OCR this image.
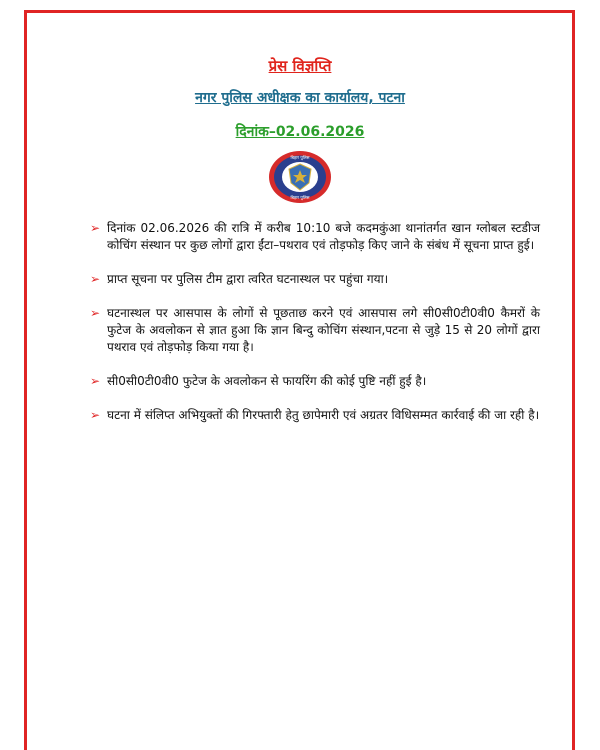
प्रेस विज्ञप्ति
नगर पुलिस अधीक्षक का कार्यालय, पटना
दिनांक–02.06.2026
बिहार पुलिस
बिहार पुलिस
➢ दिनांक 02.06.2026 की रात्रि में करीब 10:10 बजे कदमकुंआ थानांतर्गत खान ग्लोबल स्टडीज कोचिंग संस्थान पर कुछ लोगों द्वारा ईंटा–पथराव एवं तोड़फोड़ किए जाने के संबंध में सूचना प्राप्त हुई।
➢ प्राप्त सूचना पर पुलिस टीम द्वारा त्वरित घटनास्थल पर पहुंचा गया।
➢ घटनास्थल पर आसपास के लोगों से पूछताछ करने एवं आसपास लगे सी0सी0टी0वी0 कैमरों के फुटेज के अवलोकन से ज्ञात हुआ कि ज्ञान बिन्दु कोचिंग संस्थान,पटना से जुड़े 15 से 20 लोगों द्वारा पथराव एवं तोड़फोड़ किया गया है।
➢ सी0सी0टी0वी0 फुटेज के अवलोकन से फायरिंग की कोई पुष्टि नहीं हुई है।
➢ घटना में संलिप्त अभियुक्तों की गिरफ्तारी हेतु छापेमारी एवं अग्रतर विधिसम्मत कार्रवाई की जा रही है।
